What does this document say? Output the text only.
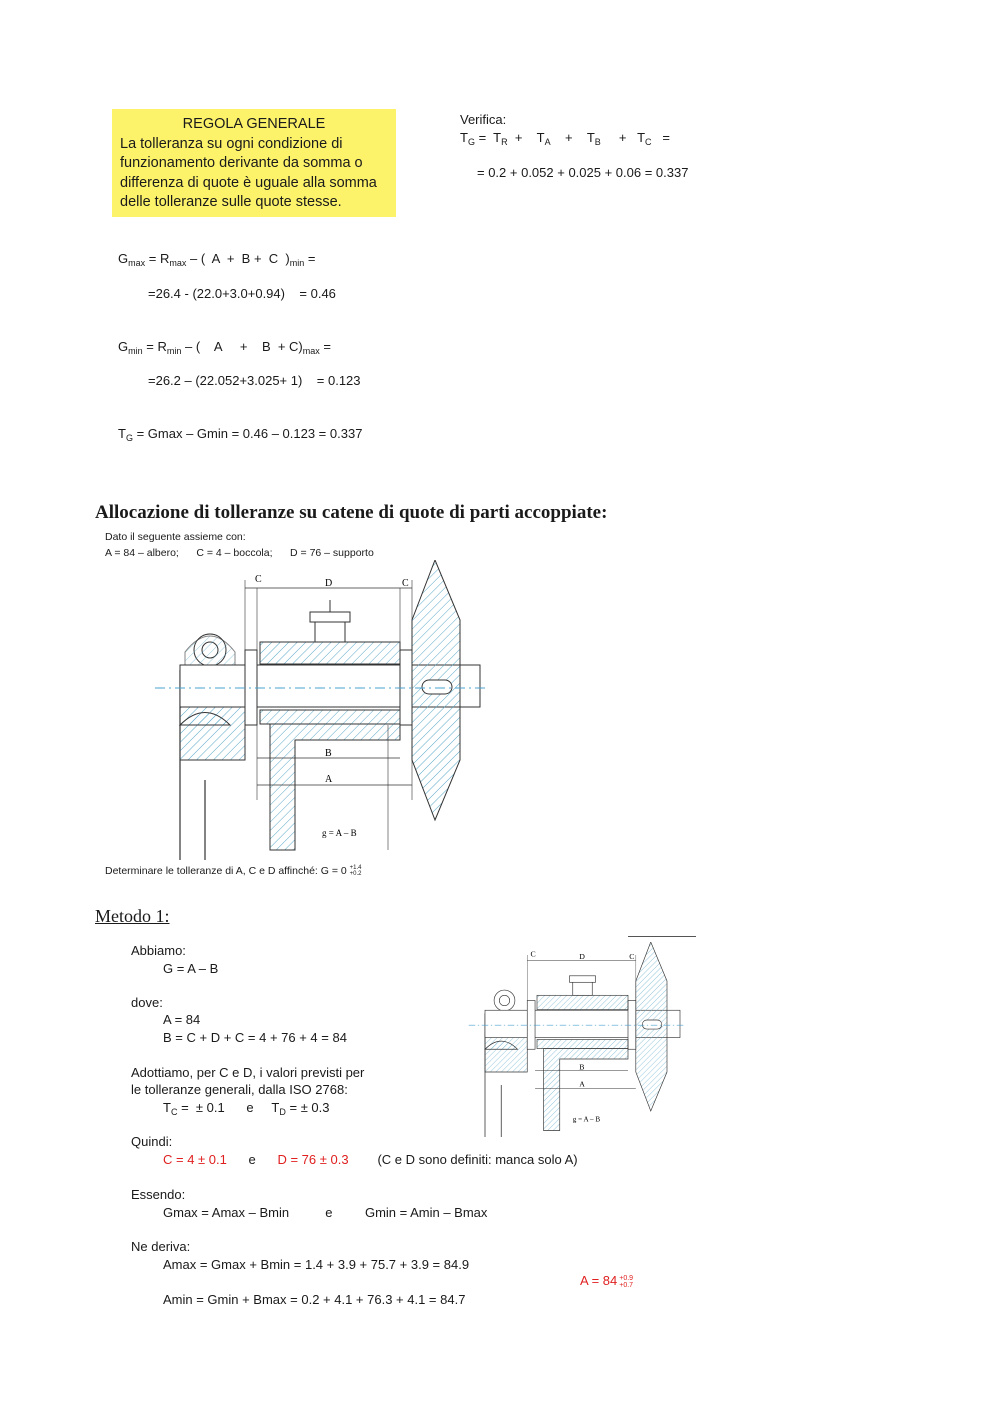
REGOLA GENERALE
La tolleranza su ogni condizione di
funzionamento derivante da somma o
differenza di quote è uguale alla somma
delle tolleranze sulle quote stesse.
Verifica:
$T_G = T_R$  +    $T_A$    +    $T_B$     +   $T_C$   =
= 0.2 + 0.052 + 0.025 + 0.06 = 0.337
$G_{max} = R_{max}$ – (  A  +  B +  C  )$_{min}$ =
=26.4 - (22.0+3.0+0.94)    = 0.46
$G_{min} = R_{min}$ – (    A     +    $B + C)_{max}$ =
=26.2 – (22.052+3.025+ 1)    = 0.123
$T_G = Gmax - Gmin = 0.46 - 0.123 = 0.337$
Allocazione di tolleranze su catene di quote di parti accoppiate:
Dato il seguente assieme con:
A = 84 – albero;      C = 4 – boccola;      D = 76 – supporto
C	D	C
B
A
g = A – B
Determinare le tolleranze di A, C e D affinché: G = 0 +1.4
+0.2
Metodo 1:
Abbiamo:
G = A – B
dove:
A = 84
B = C + D + C = 4 + 76 + 4 = 84
Adottiamo, per C e D, i valori previsti per
le tolleranze generali, dalla ISO 2768:
$T_C$ =  ± 0.1      e     $T_D$ = ± 0.3
Quindi:
C = 4 ± 0.1 e D = 76 ± 0.3 (C e D sono definiti: manca solo A)
Essendo:
Gmax = Amax – Bmin	e	Gmin = Amin – Bmax
Ne deriva:
Amax = Gmax + Bmin = 1.4 + 3.9 + 75.7 + 3.9 = 84.9
Amin = Gmin + Bmax = 0.2 + 4.1 + 76.3 + 4.1 = 84.7
A = 84 +0.9
+0.7
C	D	C
B
A
g = A – B
